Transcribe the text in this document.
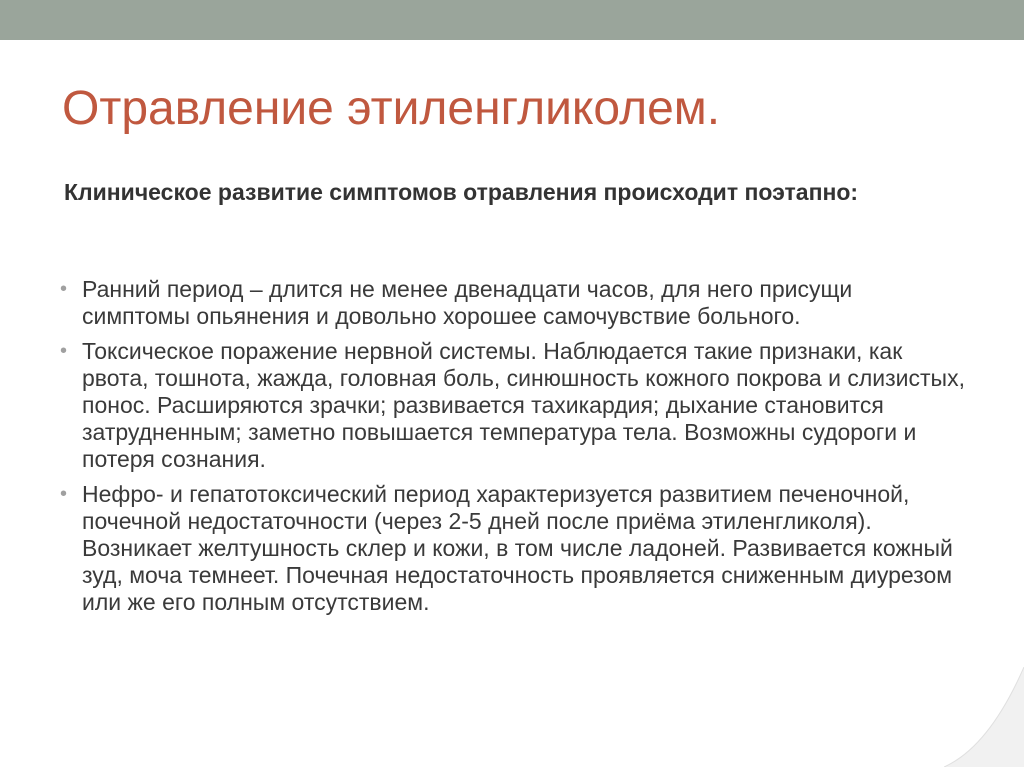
Отравление этиленгликолем.

Клиническое развитие симптомов отравления происходит поэтапно:

• Ранний период – длится не менее двенадцати часов, для него присущи симптомы опьянения и довольно хорошее самочувствие больного.
• Токсическое поражение нервной системы. Наблюдается такие признаки, как рвота, тошнота, жажда, головная боль, синюшность кожного покрова и слизистых, понос. Расширяются зрачки; развивается тахикардия; дыхание становится затрудненным; заметно повышается температура тела. Возможны судороги и потеря сознания.
• Нефро- и гепатотоксический период характеризуется развитием печеночной, почечной недостаточности (через 2-5 дней после приёма этиленгликоля). Возникает желтушность склер и кожи, в том числе ладоней. Развивается кожный зуд, моча темнеет. Почечная недостаточность проявляется сниженным диурезом или же его полным отсутствием.
